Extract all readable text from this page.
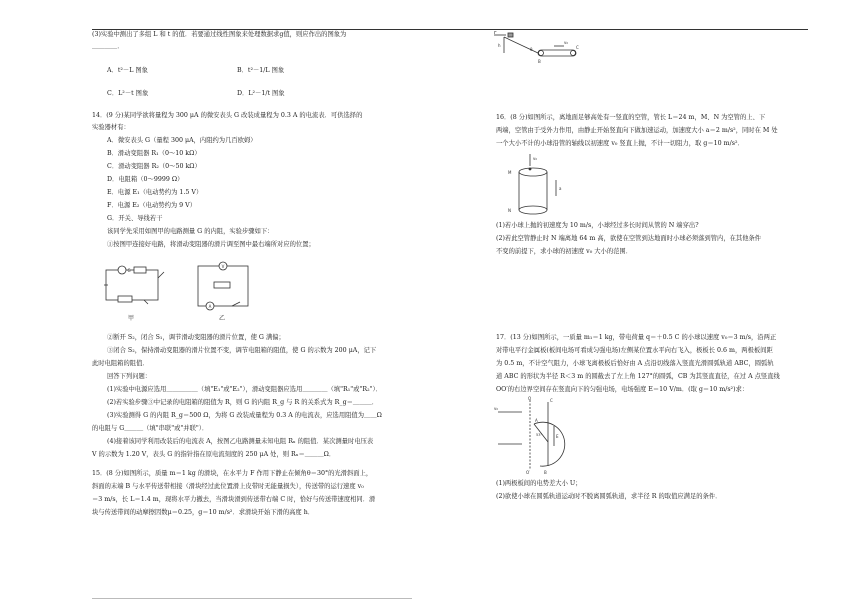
(3)实验中测出了多组 L 和 t 的值．若要通过线性图象来处理数据求g值，则应作出的图象为
＿＿＿＿．
A．t²－L 图象	B．t²－1/L 图象
C．L²－t 图象	D．L²－1/t 图象
14．(9 分)某同学欲将量程为 300 μA 的微安表头 G 改装成量程为 0.3 A 的电流表．可供选择的
实验器材有：
A．微安表头 G（量程 300 μA，内阻约为几百欧姆）
B．滑动变阻器 R₁（0～10 kΩ）
C．滑动变阻器 R₂（0～50 kΩ）
D．电阻箱（0～9999 Ω）
E．电源 E₁（电动势约为 1.5 V）
F．电源 E₂（电动势约为 9 V）
G．开关、导线若干
该同学先采用如图甲的电路测量 G 的内阻，实验步骤如下：
①按图甲连接好电路，将滑动变阻器的滑片调至图中最右端所对应的位置；
G
甲
V
A
乙
②断开 S₂，闭合 S₁，调节滑动变阻器的滑片位置，使 G 满偏；
③闭合 S₂，保持滑动变阻器的滑片位置不变，调节电阻箱的阻值，使 G 的示数为 200 μA，记下
此时电阻箱的阻值．
回答下列问题：
(1)实验中电源应选用＿＿＿＿＿（填"E₁"或"E₂"），滑动变阻器应选用＿＿＿＿（填"R₁"或"R₂"）．
(2)若实验步骤③中记录的电阻箱的阻值为 R，则 G 的内阻 R_g 与 R 的关系式为 R_g＝＿＿＿．
(3)实验测得 G 的内阻 R_g＝500 Ω，为将 G 改装成量程为 0.3 A 的电流表，应选用阻值为＿＿Ω
的电阻与 G＿＿＿（填"串联"或"并联"）．
(4)接着该同学利用改装后的电流表 A，按图乙电路测量未知电阻 Rₓ 的阻值．某次测量时电压表
V 的示数为 1.20 V，表头 G 的指针指在原电流刻度的 250 μA 处，则 Rₓ＝＿＿＿Ω．
15．(8 分)如图所示，质量 m＝1 kg 的滑块，在水平力 F 作用下静止在倾角θ＝30°的光滑斜面上，
斜面的末端 B 与水平传送带相接（滑块经过此位置滑上皮带时无能量损失），传送带的运行速度 v₀
＝3 m/s，长 L＝1.4 m，现将水平力撤去，当滑块滑到传送带右端 C 时，恰好与传送带速度相同．滑
块与传送带间的动摩擦因数μ＝0.25，g＝10 m/s²．求滑块开始下滑的高度 h．
F
h
θ
B
C
v₀
16．(8 分)如图所示，离地面足够高处有一竖直的空管，管长 L＝24 m，M、N 为空管的上、下
两端，空管由于受外力作用，由静止开始竖直向下做加速运动，加速度大小 a＝2 m/s²，同时在 M 处
一个大小不计的小球沿管的轴线以初速度 v₀ 竖直上抛，不计一切阻力，取 g＝10 m/s²．
v₀
M
N
a
(1)若小球上抛的初速度为 10 m/s，小球经过多长时间从管的 N 端穿出?
(2)若此空管静止时 N 端离地 64 m 高，欲使在空管到达地面时小球必须落到管内，在其他条件
不变的前提下，求小球的初速度 v₀ 大小的范围．
17．(13 分)如图所示，一质量 m₁＝1 kg，带电荷量 q＝＋0.5 C 的小球以速度 v₀＝3 m/s，沿两正
对带电平行金属板(板间电场可看成匀强电场)左侧某位置水平向右飞入，极板长 0.6 m，两极板间距
为 0.5 m，不计空气阻力，小球飞离极板后恰好由 A 点沿切线落入竖直光滑圆弧轨道 ABC，圆弧轨
道 ABC 的形状为半径 R＜3 m 的圆截去了左上角 127°的圆弧，CB 为其竖直直径，在过 A 点竖直线
OO′的右边界空间存在竖直向下的匀强电场，电场强度 E＝10 V/m．(取 g＝10 m/s²)求：
O
O′
A
B
C
E
v₀
53°
(1)两极板间的电势差大小 U；
(2)欲使小球在圆弧轨道运动时不脱离圆弧轨道，求半径 R 的取值应满足的条件．
